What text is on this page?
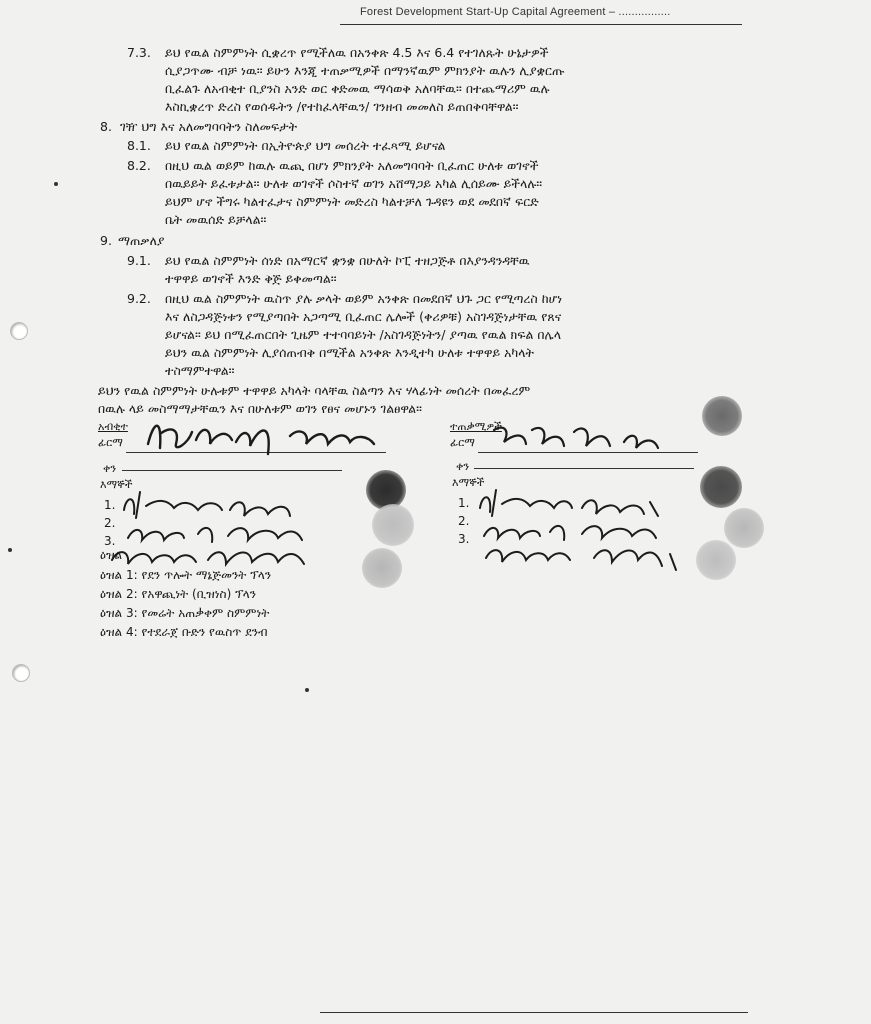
Forest Development Start-Up Capital Agreement – ................
7.3. ይህ የዉል ስምምነት ሲቋረጥ የሚችለዉ በአንቀጽ 4.5 እና 6.4 የተገለጹት ሁኔታዎች
ሲያጋጥሙ ብቻ ነዉ። ይሁን እንጂ ተጠቃሚዎች በማንኛዉም ምክንያት ዉሉን ሊያቋርጡ
ቢፈልጉ ለአብቂተ ቢያንስ አንድ ወር ቀድመዉ ማሳወቅ አለባቸዉ። በተጨማሪም ዉሉ
እስኪቋረጥ ድረስ የወሰዱትን /የተከፈላቸዉን/ ገንዘብ መመለስ ይጠበቅባቸዋል።
8. ገዥ ህግ እና አለመግባባትን ስለመፍታት
8.1. ይህ የዉል ስምምነት በኢትዮጵያ ህግ መሰረት ተፈጻሚ ይሆናል
8.2. በዚህ ዉል ወይም ከዉሉ ዉጪ በሆነ ምክንያት አለመግባባት ቢፈጠር ሁለቱ ወገኖች
በዉይይት ይፈቱታል። ሁለቱ ወገኖች ሶስተኛ ወገን አሸማጋይ አካል ሊሰይሙ ይችላሉ።
ይህም ሆኖ ችግሩ ካልተፈታና ስምምነት መድረስ ካልተቻለ ጉዳዩን ወደ መደበኛ ፍርድ
ቤት መዉሰድ ይቻላል።
9. ማጠቃለያ
9.1. ይህ የዉል ስምምነት ሰነድ በአማርኛ ቋንቋ በሁለት ኮፒ ተዘጋጅቶ በእያንዳንዳቸዉ
ተዋዋይ ወገኖች እንድ ቅጅ ይቀመጣል።
9.2. በዚህ ዉል ስምምነት ዉስጥ ያሉ ቃላት ወይም አንቀጽ በመደበኛ ህጉ ጋር የሚጣረስ ከሆነ
እና ለስጋዳጅነቱን የሚያጣበት አጋጣሚ ቢፈጠር ሌሎች (ቀሪዎቹ) አስገዳጅነታቸዉ የጸና
ይሆናል። ይህ በሚፈጠርበት ጊዜም ተተባባይነት /አስገዳጅነትን/ ያጣዉ የዉል ክፍል በሌላ
ይህን ዉል ስምምነት ሊያሰጠብቅ በሚችል አንቀጽ እንዲተካ ሁለቱ ተዋዋይ አካላት
ተስማምተዋል።
ይህን የዉል ስምምነት ሁሉቱም ተዋዋይ አካላት ባላቸዉ ስልጣን እና ሃላፊነት መሰረት በመፈረም
በዉሉ ላይ መስማማታቸዉን እና በሁለቱም ወገን የፀና መሆኑን ገልፀዋል።
አብቂተ
ፊርማ
ቀን
እማኞች
1.
2.
3.
ዕዝል
ዕዝል 1: የደን ጥሎት ማኔጅመንት ፕላን
ዕዝል 2: የአዋጪነት (ቢዝነስ) ፕላን
ዕዝል 3: የመሬት አጠቃቀም ስምምነት
ዕዝል 4: የተደራጀ ቡድን የዉስጥ ደንብ
ተጠቃሚዎች
ፊርማ
ቀን
እማኞች
1.
2.
3.
